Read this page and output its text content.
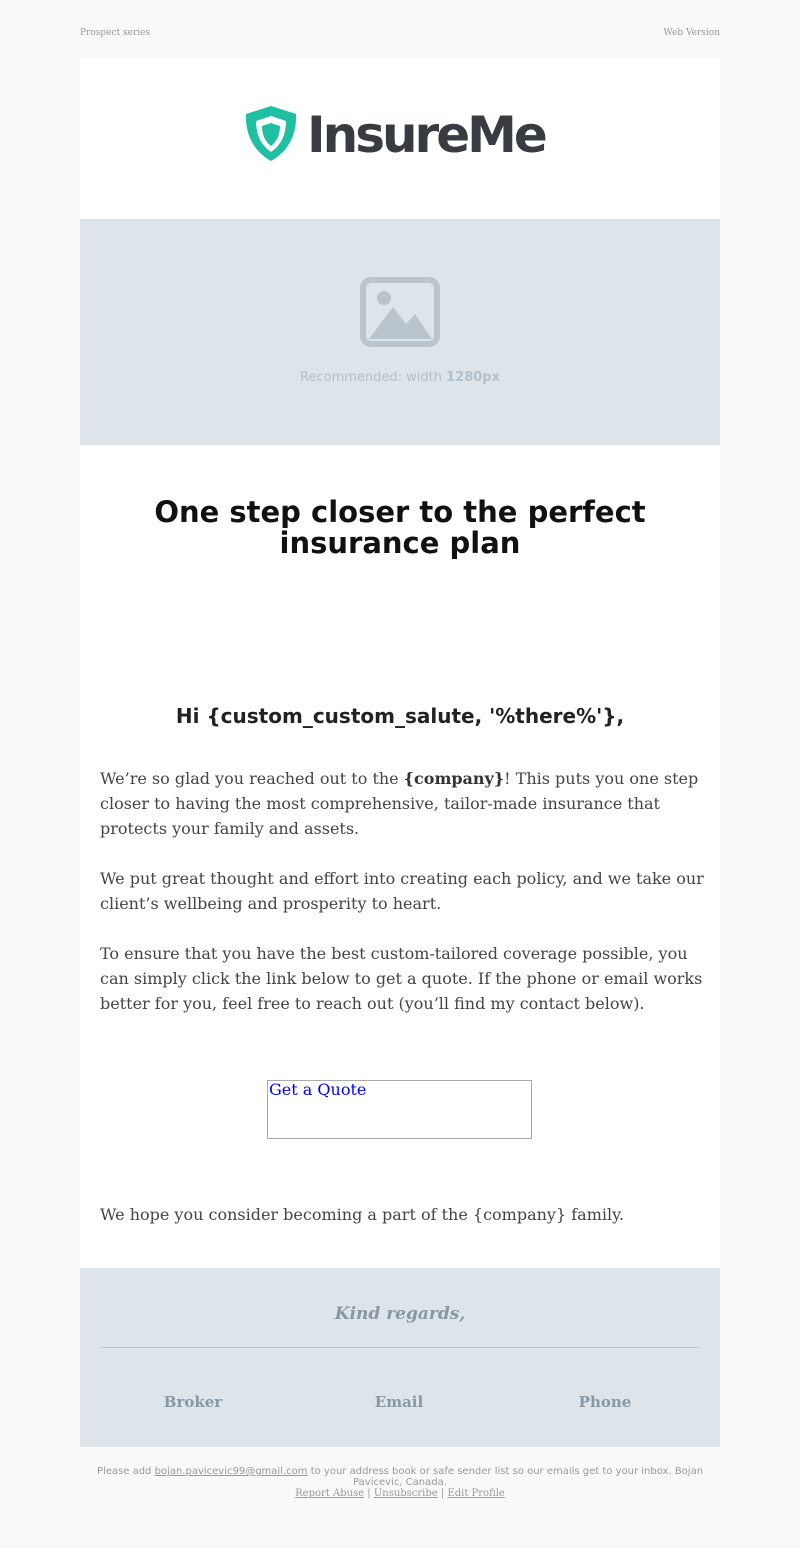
Prospect series	Web Version
InsureMe
Recommended: width 1280px
One step closer to the perfect insurance plan
Hi {custom_custom_salute, '%there%'},

We’re so glad you reached out to the {company}! This puts you one step closer to having the most comprehensive, tailor-made insurance that protects your family and assets.

We put great thought and effort into creating each policy, and we take our client’s wellbeing and prosperity to heart.

To ensure that you have the best custom-tailored coverage possible, you can simply click the link below to get a quote. If the phone or email works better for you, feel free to reach out (you’ll find my contact below).

Get a Quote

We hope you consider becoming a part of the {company} family.

Kind regards,
Broker	Email	Phone
Please add bojan.pavicevic99@gmail.com to your address book or safe sender list so our emails get to your inbox. Bojan Pavicevic, Canada.
Report Abuse | Unsubscribe | Edit Profile
